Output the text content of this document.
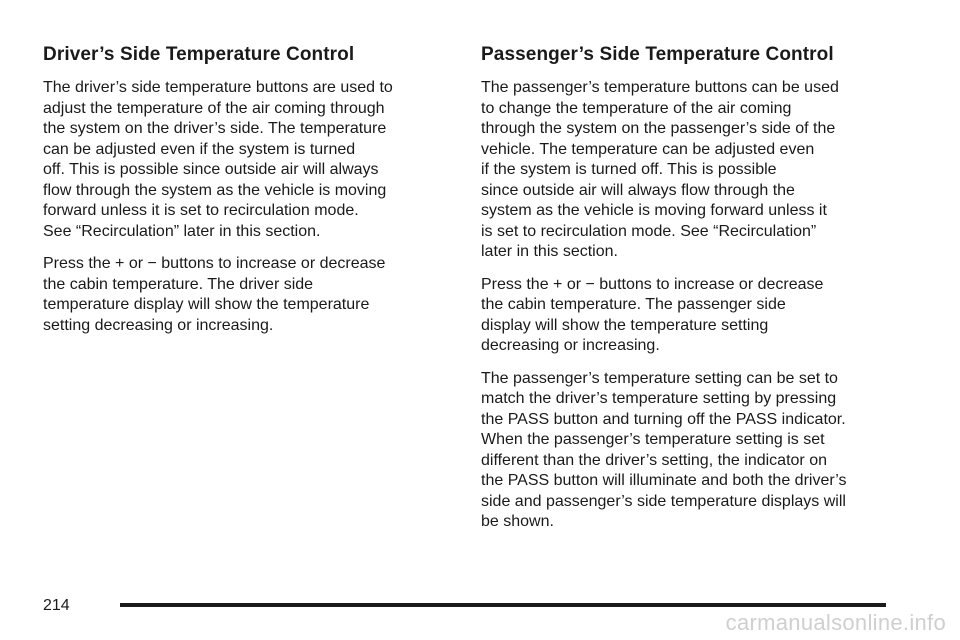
Driver’s Side Temperature Control
The driver’s side temperature buttons are used to
adjust the temperature of the air coming through
the system on the driver’s side. The temperature
can be adjusted even if the system is turned
off. This is possible since outside air will always
flow through the system as the vehicle is moving
forward unless it is set to recirculation mode.
See “Recirculation” later in this section.
Press the + or − buttons to increase or decrease
the cabin temperature. The driver side
temperature display will show the temperature
setting decreasing or increasing.
Passenger’s Side Temperature Control
The passenger’s temperature buttons can be used
to change the temperature of the air coming
through the system on the passenger’s side of the
vehicle. The temperature can be adjusted even
if the system is turned off. This is possible
since outside air will always flow through the
system as the vehicle is moving forward unless it
is set to recirculation mode. See “Recirculation”
later in this section.
Press the + or − buttons to increase or decrease
the cabin temperature. The passenger side
display will show the temperature setting
decreasing or increasing.
The passenger’s temperature setting can be set to
match the driver’s temperature setting by pressing
the PASS button and turning off the PASS indicator.
When the passenger’s temperature setting is set
different than the driver’s setting, the indicator on
the PASS button will illuminate and both the driver’s
side and passenger’s side temperature displays will
be shown.
214
carmanualsonline.info
